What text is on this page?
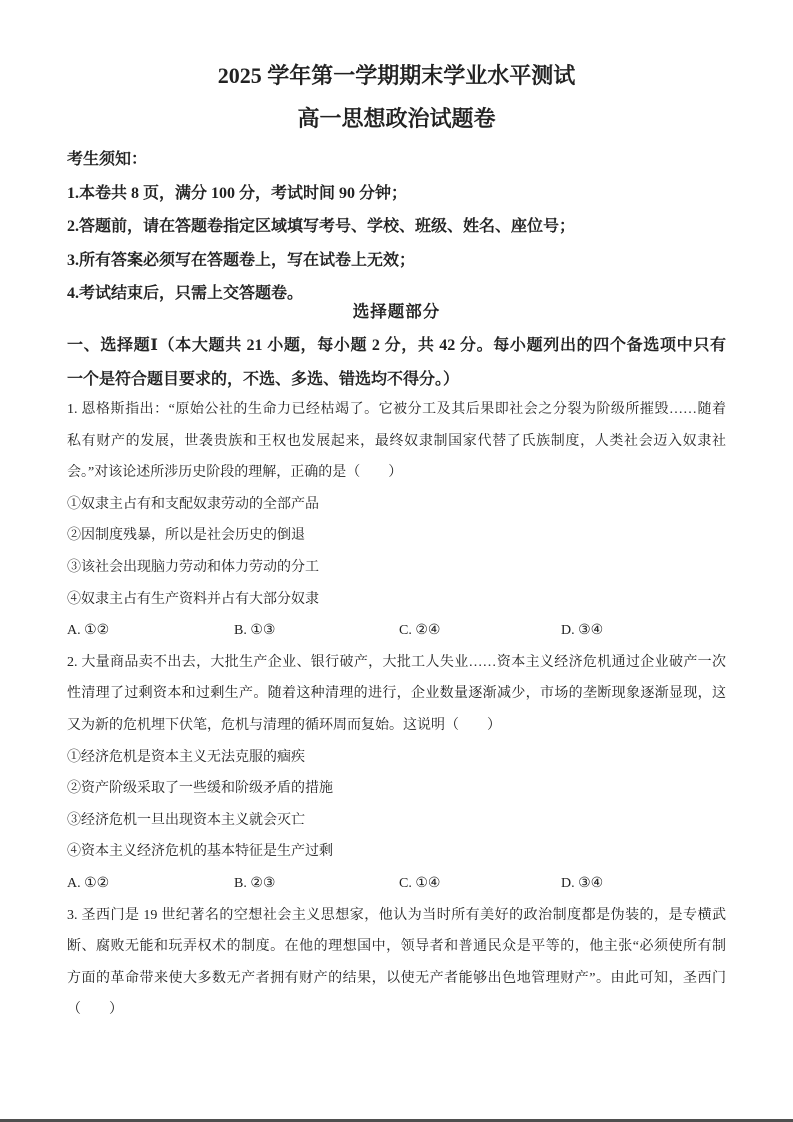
2025 学年第一学期期末学业水平测试
高一思想政治试题卷
考生须知：
1.本卷共 8 页，满分 100 分，考试时间 90 分钟；
2.答题前，请在答题卷指定区域填写考号、学校、班级、姓名、座位号；
3.所有答案必须写在答题卷上，写在试卷上无效；
4.考试结束后，只需上交答题卷。
选择题部分
一、选择题Ⅰ（本大题共 21 小题，每小题 2 分，共 42 分。每小题列出的四个备选项中只有
一个是符合题目要求的，不选、多选、错选均不得分。）
1. 恩格斯指出：“原始公社的生命力已经枯竭了。它被分工及其后果即社会之分裂为阶级所摧毁……随着
私有财产的发展，世袭贵族和王权也发展起来，最终奴隶制国家代替了氏族制度，人类社会迈入奴隶社
会。”对该论述所涉历史阶段的理解，正确的是（　　）
①奴隶主占有和支配奴隶劳动的全部产品
②因制度残暴，所以是社会历史的倒退
③该社会出现脑力劳动和体力劳动的分工
④奴隶主占有生产资料并占有大部分奴隶
A. ①②	B. ①③	C. ②④	D. ③④
2. 大量商品卖不出去，大批生产企业、银行破产，大批工人失业……资本主义经济危机通过企业破产一次
性清理了过剩资本和过剩生产。随着这种清理的进行，企业数量逐渐减少，市场的垄断现象逐渐显现，这
又为新的危机埋下伏笔，危机与清理的循环周而复始。这说明（　　）
①经济危机是资本主义无法克服的痼疾
②资产阶级采取了一些缓和阶级矛盾的措施
③经济危机一旦出现资本主义就会灭亡
④资本主义经济危机的基本特征是生产过剩
A. ①②	B. ②③	C. ①④	D. ③④
3. 圣西门是 19 世纪著名的空想社会主义思想家，他认为当时所有美好的政治制度都是伪装的，是专横武
断、腐败无能和玩弄权术的制度。在他的理想国中，领导者和普通民众是平等的，他主张“必须使所有制
方面的革命带来使大多数无产者拥有财产的结果，以使无产者能够出色地管理财产”。由此可知，圣西门
（　　）
